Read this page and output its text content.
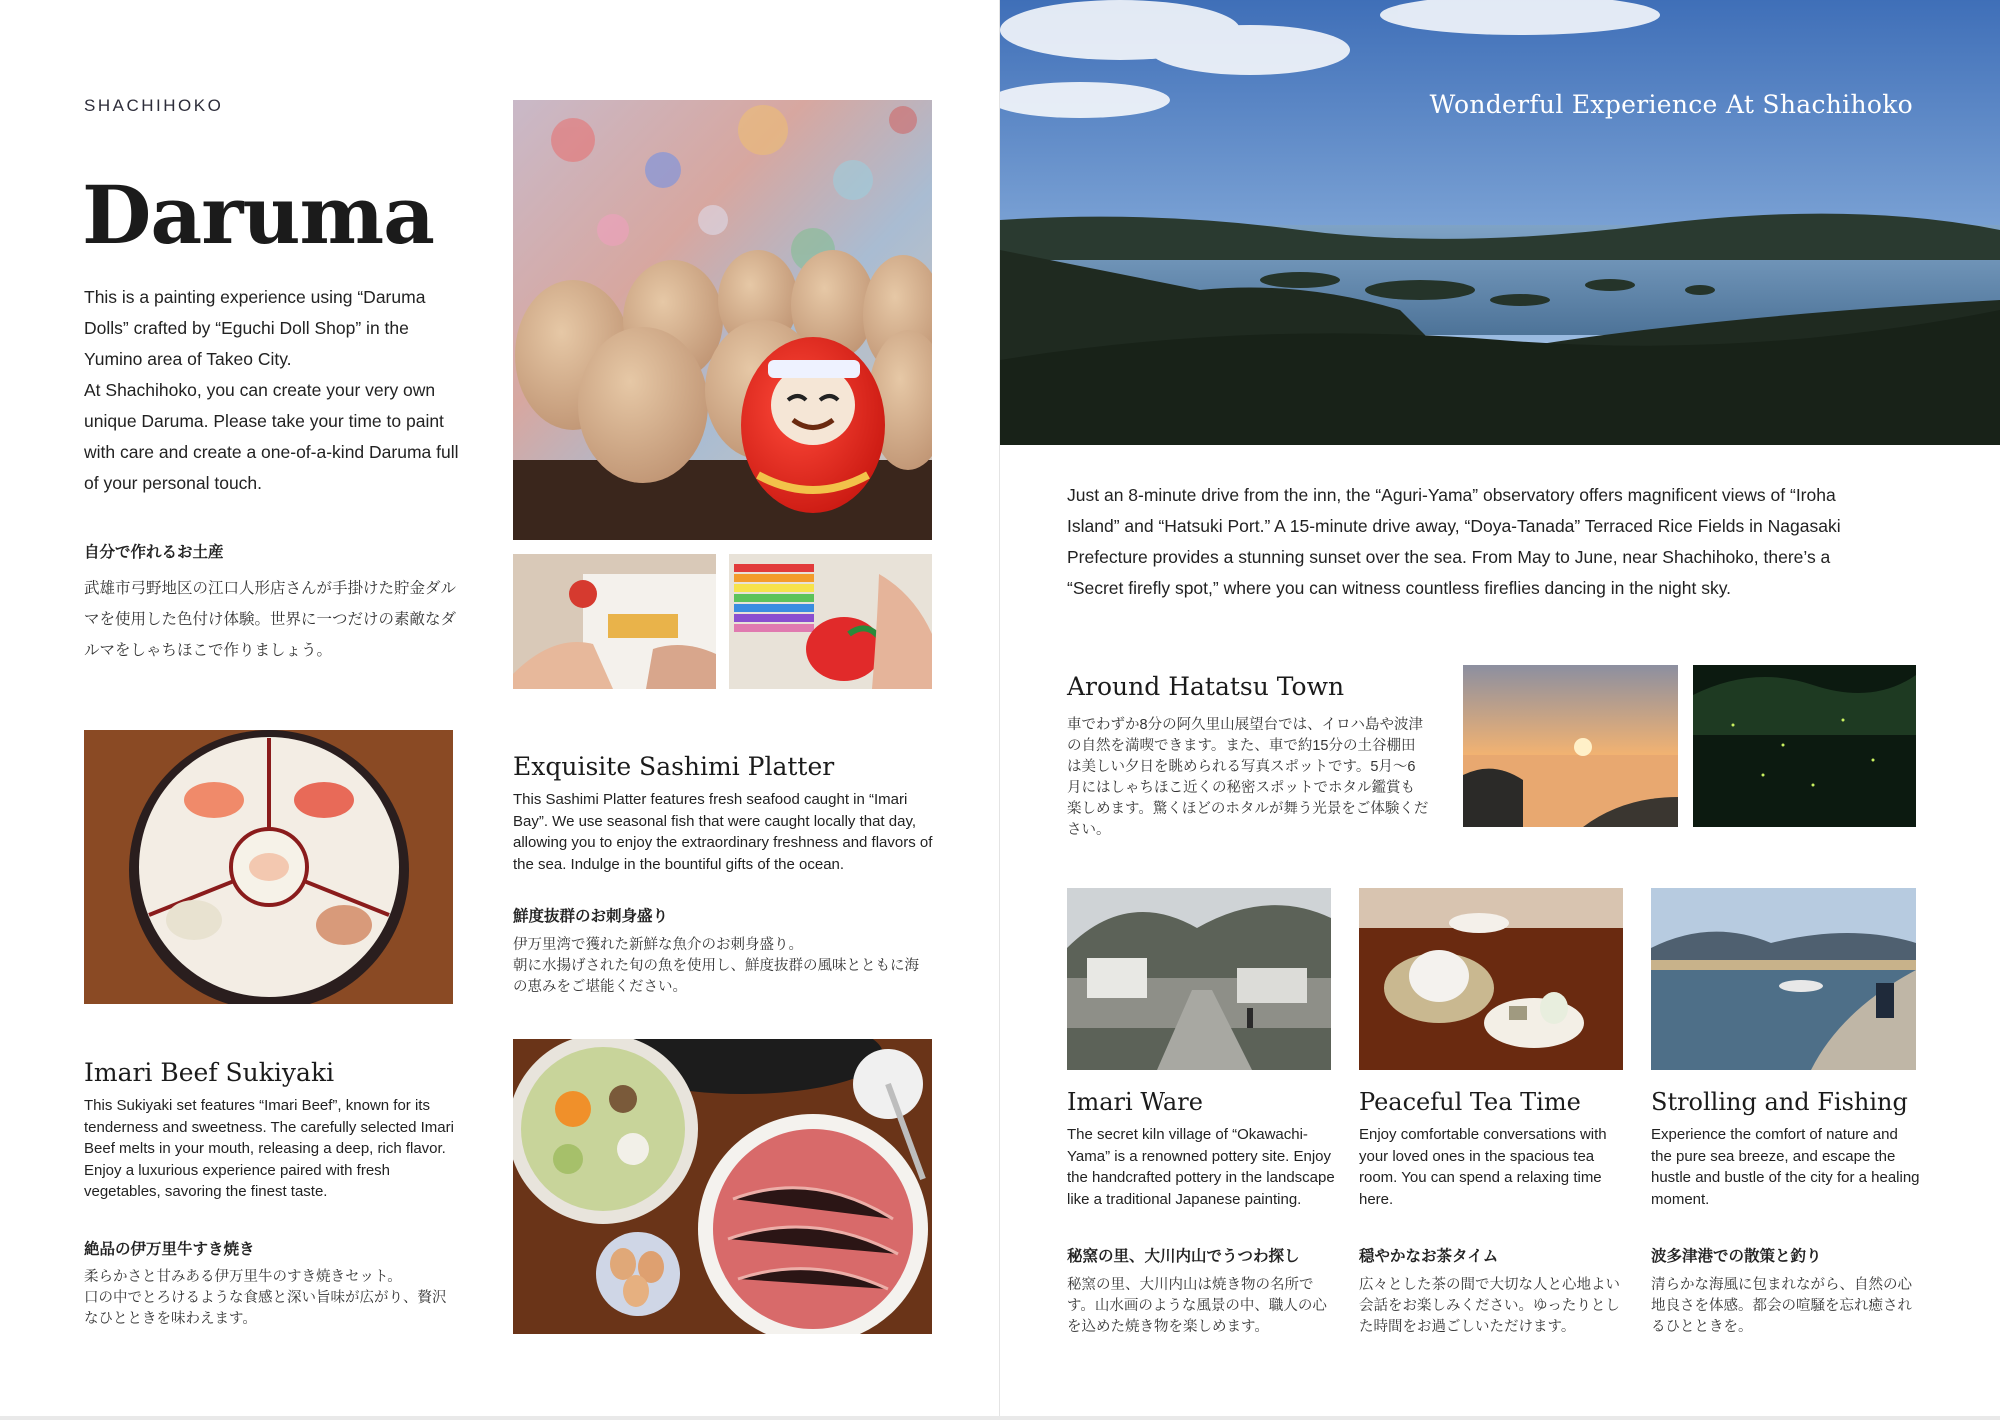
SHACHIHOKO
Daruma
This is a painting experience using “Daruma Dolls” crafted by “Eguchi Doll Shop” in the Yumino area of Takeo City.
At Shachihoko, you can create your very own unique Daruma. Please take your time to paint with care and create a one-of-a-kind Daruma full of your personal touch.
自分で作れるお土産
武雄市弓野地区の江口人形店さんが手掛けた貯金ダルマを使用した色付け体験。世界に一つだけの素敵なダルマをしゃちほこで作りましょう。
Exquisite Sashimi Platter
This Sashimi Platter features fresh seafood caught in “Imari Bay”. We use seasonal fish that were caught locally that day, allowing you to enjoy the extraordinary freshness and flavors of the sea. Indulge in the bountiful gifts of the ocean.
鮮度抜群のお刺身盛り
伊万里湾で獲れた新鮮な魚介のお刺身盛り。
朝に水揚げされた旬の魚を使用し、鮮度抜群の風味とともに海の恵みをご堪能ください。
Imari Beef Sukiyaki
This Sukiyaki set features “Imari Beef”, known for its tenderness and sweetness. The carefully selected Imari Beef melts in your mouth, releasing a deep, rich flavor. Enjoy a luxurious experience paired with fresh vegetables, savoring the finest taste.
絶品の伊万里牛すき焼き
柔らかさと甘みある伊万里牛のすき焼きセット。
口の中でとろけるような食感と深い旨味が広がり、贅沢なひとときを味わえます。
Wonderful Experience At Shachihoko
Just an 8-minute drive from the inn, the “Aguri-Yama” observatory offers magnificent views of “Iroha Island” and “Hatsuki Port.” A 15-minute drive away, “Doya-Tanada” Terraced Rice Fields in Nagasaki Prefecture provides a stunning sunset over the sea. From May to June, near Shachihoko, there’s a “Secret firefly spot,” where you can witness countless fireflies dancing in the night sky.
Around Hatatsu Town
車でわずか8分の阿久里山展望台では、イロハ島や波津の自然を満喫できます。また、車で約15分の土谷棚田は美しい夕日を眺められる写真スポットです。5月〜6月にはしゃちほこ近くの秘密スポットでホタル鑑賞も楽しめます。驚くほどのホタルが舞う光景をご体験ください。
Imari Ware
The secret kiln village of “Okawachi-Yama” is a renowned pottery site. Enjoy the handcrafted pottery in the landscape like a traditional Japanese painting.
Peaceful Tea Time
Enjoy comfortable conversations with your loved ones in the spacious tea room. You can spend a relaxing time here.
Strolling and Fishing
Experience the comfort of nature and the pure sea breeze, and escape the hustle and bustle of the city for a healing moment.
秘窯の里、大川内山でうつわ探し	穏やかなお茶タイム	波多津港での散策と釣り
秘窯の里、大川内山は焼き物の名所です。山水画のような風景の中、職人の心を込めた焼き物を楽しめます。
広々とした茶の間で大切な人と心地よい会話をお楽しみください。ゆったりとした時間をお過ごしいただけます。
清らかな海風に包まれながら、自然の心地良さを体感。都会の喧騒を忘れ癒されるひとときを。
